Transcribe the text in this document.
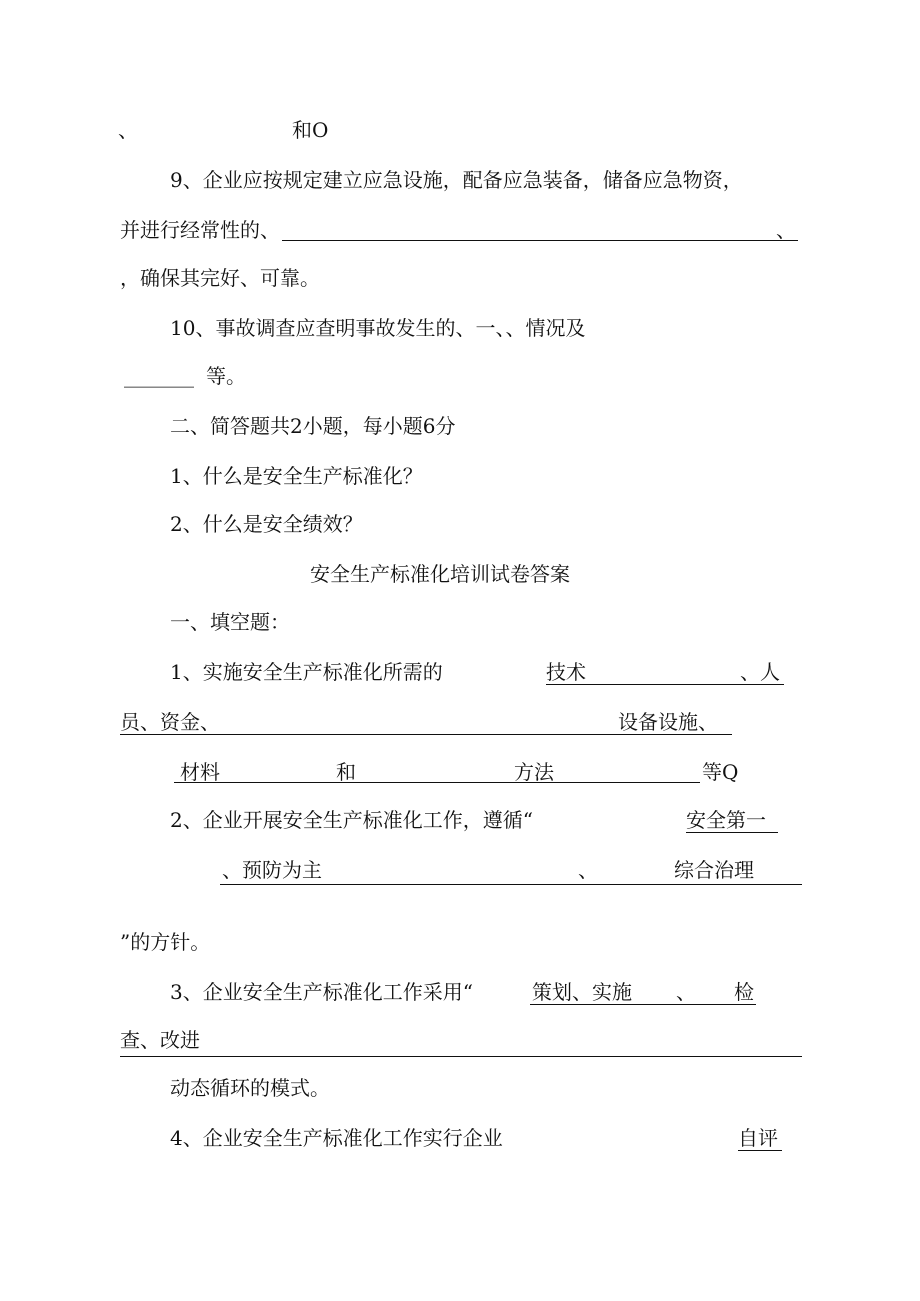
、	和O
9、企业应按规定建立应急设施，配备应急装备，储备应急物资，
并进行经常性的、	、
，确保其完好、可靠。
10、事故调查应查明事故发生的、一、、情况及
_______ 等。
二、简答题共2小题，每小题6分
1、什么是安全生产标准化？
2、什么是安全绩效？
安全生产标准化培训试卷答案
一、填空题：
1、实施安全生产标准化所需的	技术	、人
员、资金、	设备设施、
材料	和	方法	等Q
2、企业开展安全生产标准化工作，遵循“	安全第一
、预防为主	、	综合治理
”的方针。
3、企业安全生产标准化工作采用“	策划、实施 、 检
查、改进
动态循环的模式。
4、企业安全生产标准化工作实行企业	自评
